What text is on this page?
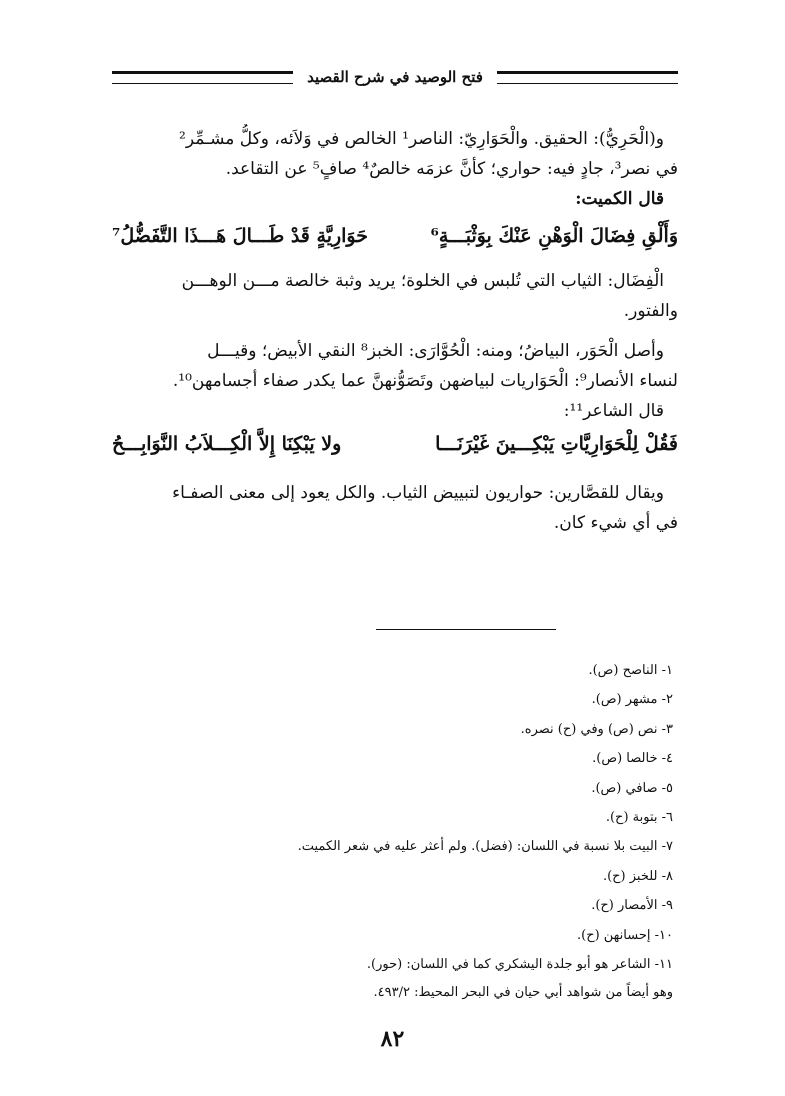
فتح الوصيد في شرح القصيد
و(الْحَرِيُّ): الحقيق. والْحَوَارِيّ: الناصر¹ الخالص في وَلاَئه، وكلُّ مشـمِّر²
في نصر³، جادٍ فيه: حواري؛ كأنَّ عزمَه خالصٌ⁴ صافٍ⁵ عن التقاعد.
قال الكميت:
وَأَلْقِ فِضَالَ الْوَهْنِ عَنْكَ بِوَثْبَـــةٍ⁶
حَوَارِيَّةٍ قَدْ طَـــالَ هَـــذَا التَّفَضُّلُ⁷
الْفِضَال: الثياب التي تُلبس في الخلوة؛ يريد وثبة خالصة مـــن الوهـــن
والفتور.
وأصل الْحَوَر، البياضُ؛ ومنه: الْحُوَّارَى: الخبز⁸ النقي الأبيض؛ وقيـــل
لنساء الأنصار⁹: الْحَوَاريات لبياضهن وتَصَوُّنهنَّ عما يكدر صفاء أجسامهن¹⁰.
قال الشاعر¹¹:
فَقُلْ لِلْحَوَارِيَّاتِ يَبْكِـــينَ غَيْرَنَـــا
ولا يَبْكِنَا إِلاَّ الْكِـــلاَبُ النَّوَابِـــحُ
ويقال للقصَّارين: حواريون لتبييض الثياب. والكل يعود إلى معنى الصفـاء
في أي شيء كان.
١- الناصح (ص).
٢- مشهر (ص).
٣- نص (ص) وفي (ح) نصره.
٤- خالصا (ص).
٥- صافي (ص).
٦- بتوبة (ح).
٧- البيت بلا نسبة في اللسان: (فضل). ولم أعثر عليه في شعر الكميت.
٨- للخبز (ح).
٩- الأمصار (ح).
١٠- إحسانهن (ح).
١١- الشاعر هو أبو جلدة اليشكري كما في اللسان: (حور).
وهو أيضاً من شواهد أبي حيان في البحر المحيط: ٤٩٣/٢.
٨٢
